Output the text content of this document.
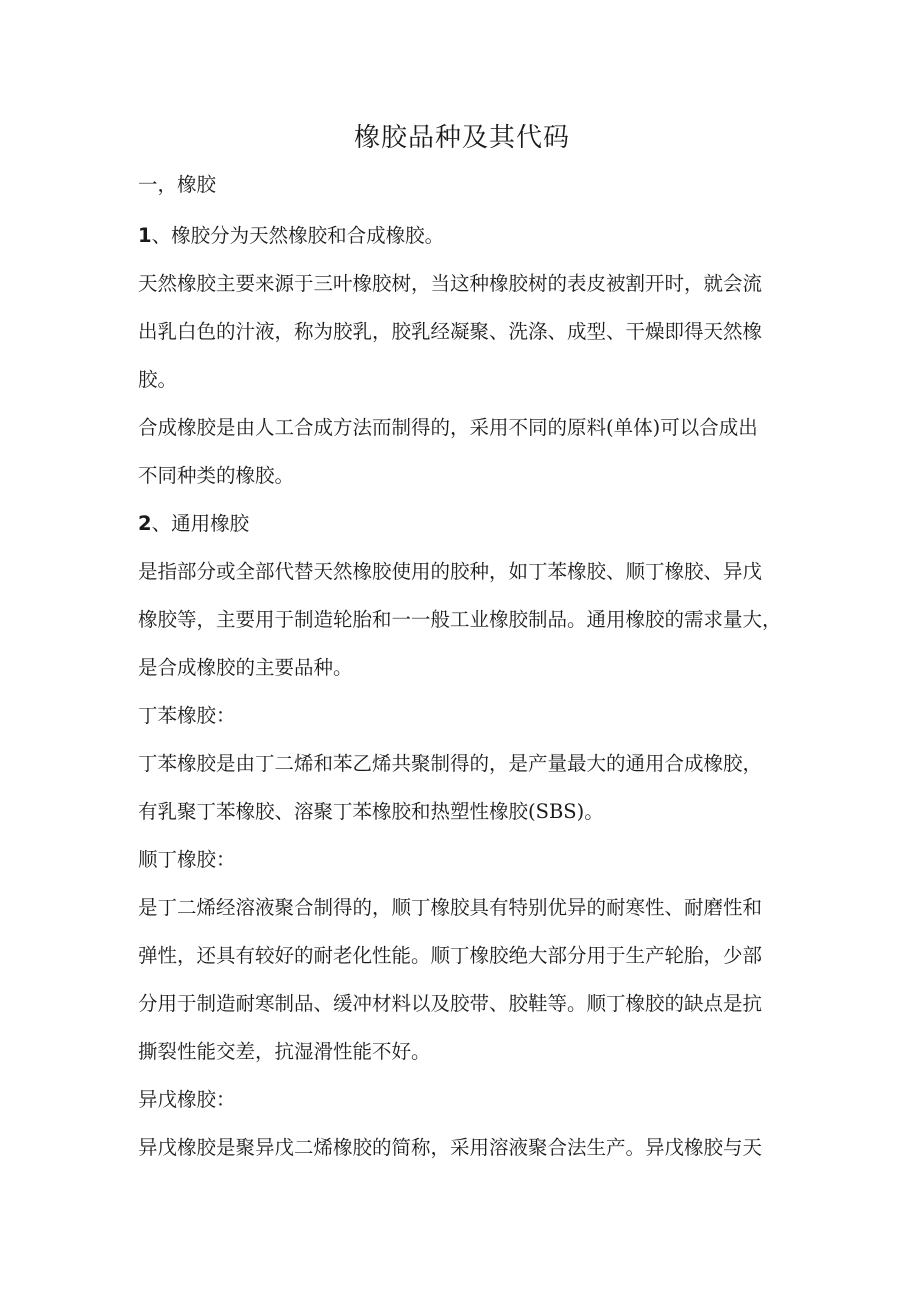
橡胶品种及其代码

一，橡胶

1、橡胶分为天然橡胶和合成橡胶。

天然橡胶主要来源于三叶橡胶树，当这种橡胶树的表皮被割开时，就会流

出乳白色的汁液，称为胶乳，胶乳经凝聚、洗涤、成型、干燥即得天然橡

胶。

合成橡胶是由人工合成方法而制得的，采用不同的原料(单体)可以合成出

不同种类的橡胶。

2、通用橡胶

是指部分或全部代替天然橡胶使用的胶种，如丁苯橡胶、顺丁橡胶、异戊

橡胶等，主要用于制造轮胎和一一般工业橡胶制品。通用橡胶的需求量大，

是合成橡胶的主要品种。

丁苯橡胶：

丁苯橡胶是由丁二烯和苯乙烯共聚制得的，是产量最大的通用合成橡胶，

有乳聚丁苯橡胶、溶聚丁苯橡胶和热塑性橡胶(SBS)。

顺丁橡胶：

是丁二烯经溶液聚合制得的，顺丁橡胶具有特别优异的耐寒性、耐磨性和

弹性，还具有较好的耐老化性能。顺丁橡胶绝大部分用于生产轮胎，少部

分用于制造耐寒制品、缓冲材料以及胶带、胶鞋等。顺丁橡胶的缺点是抗

撕裂性能交差，抗湿滑性能不好。

异戊橡胶：

异戊橡胶是聚异戊二烯橡胶的简称，采用溶液聚合法生产。异戊橡胶与天
